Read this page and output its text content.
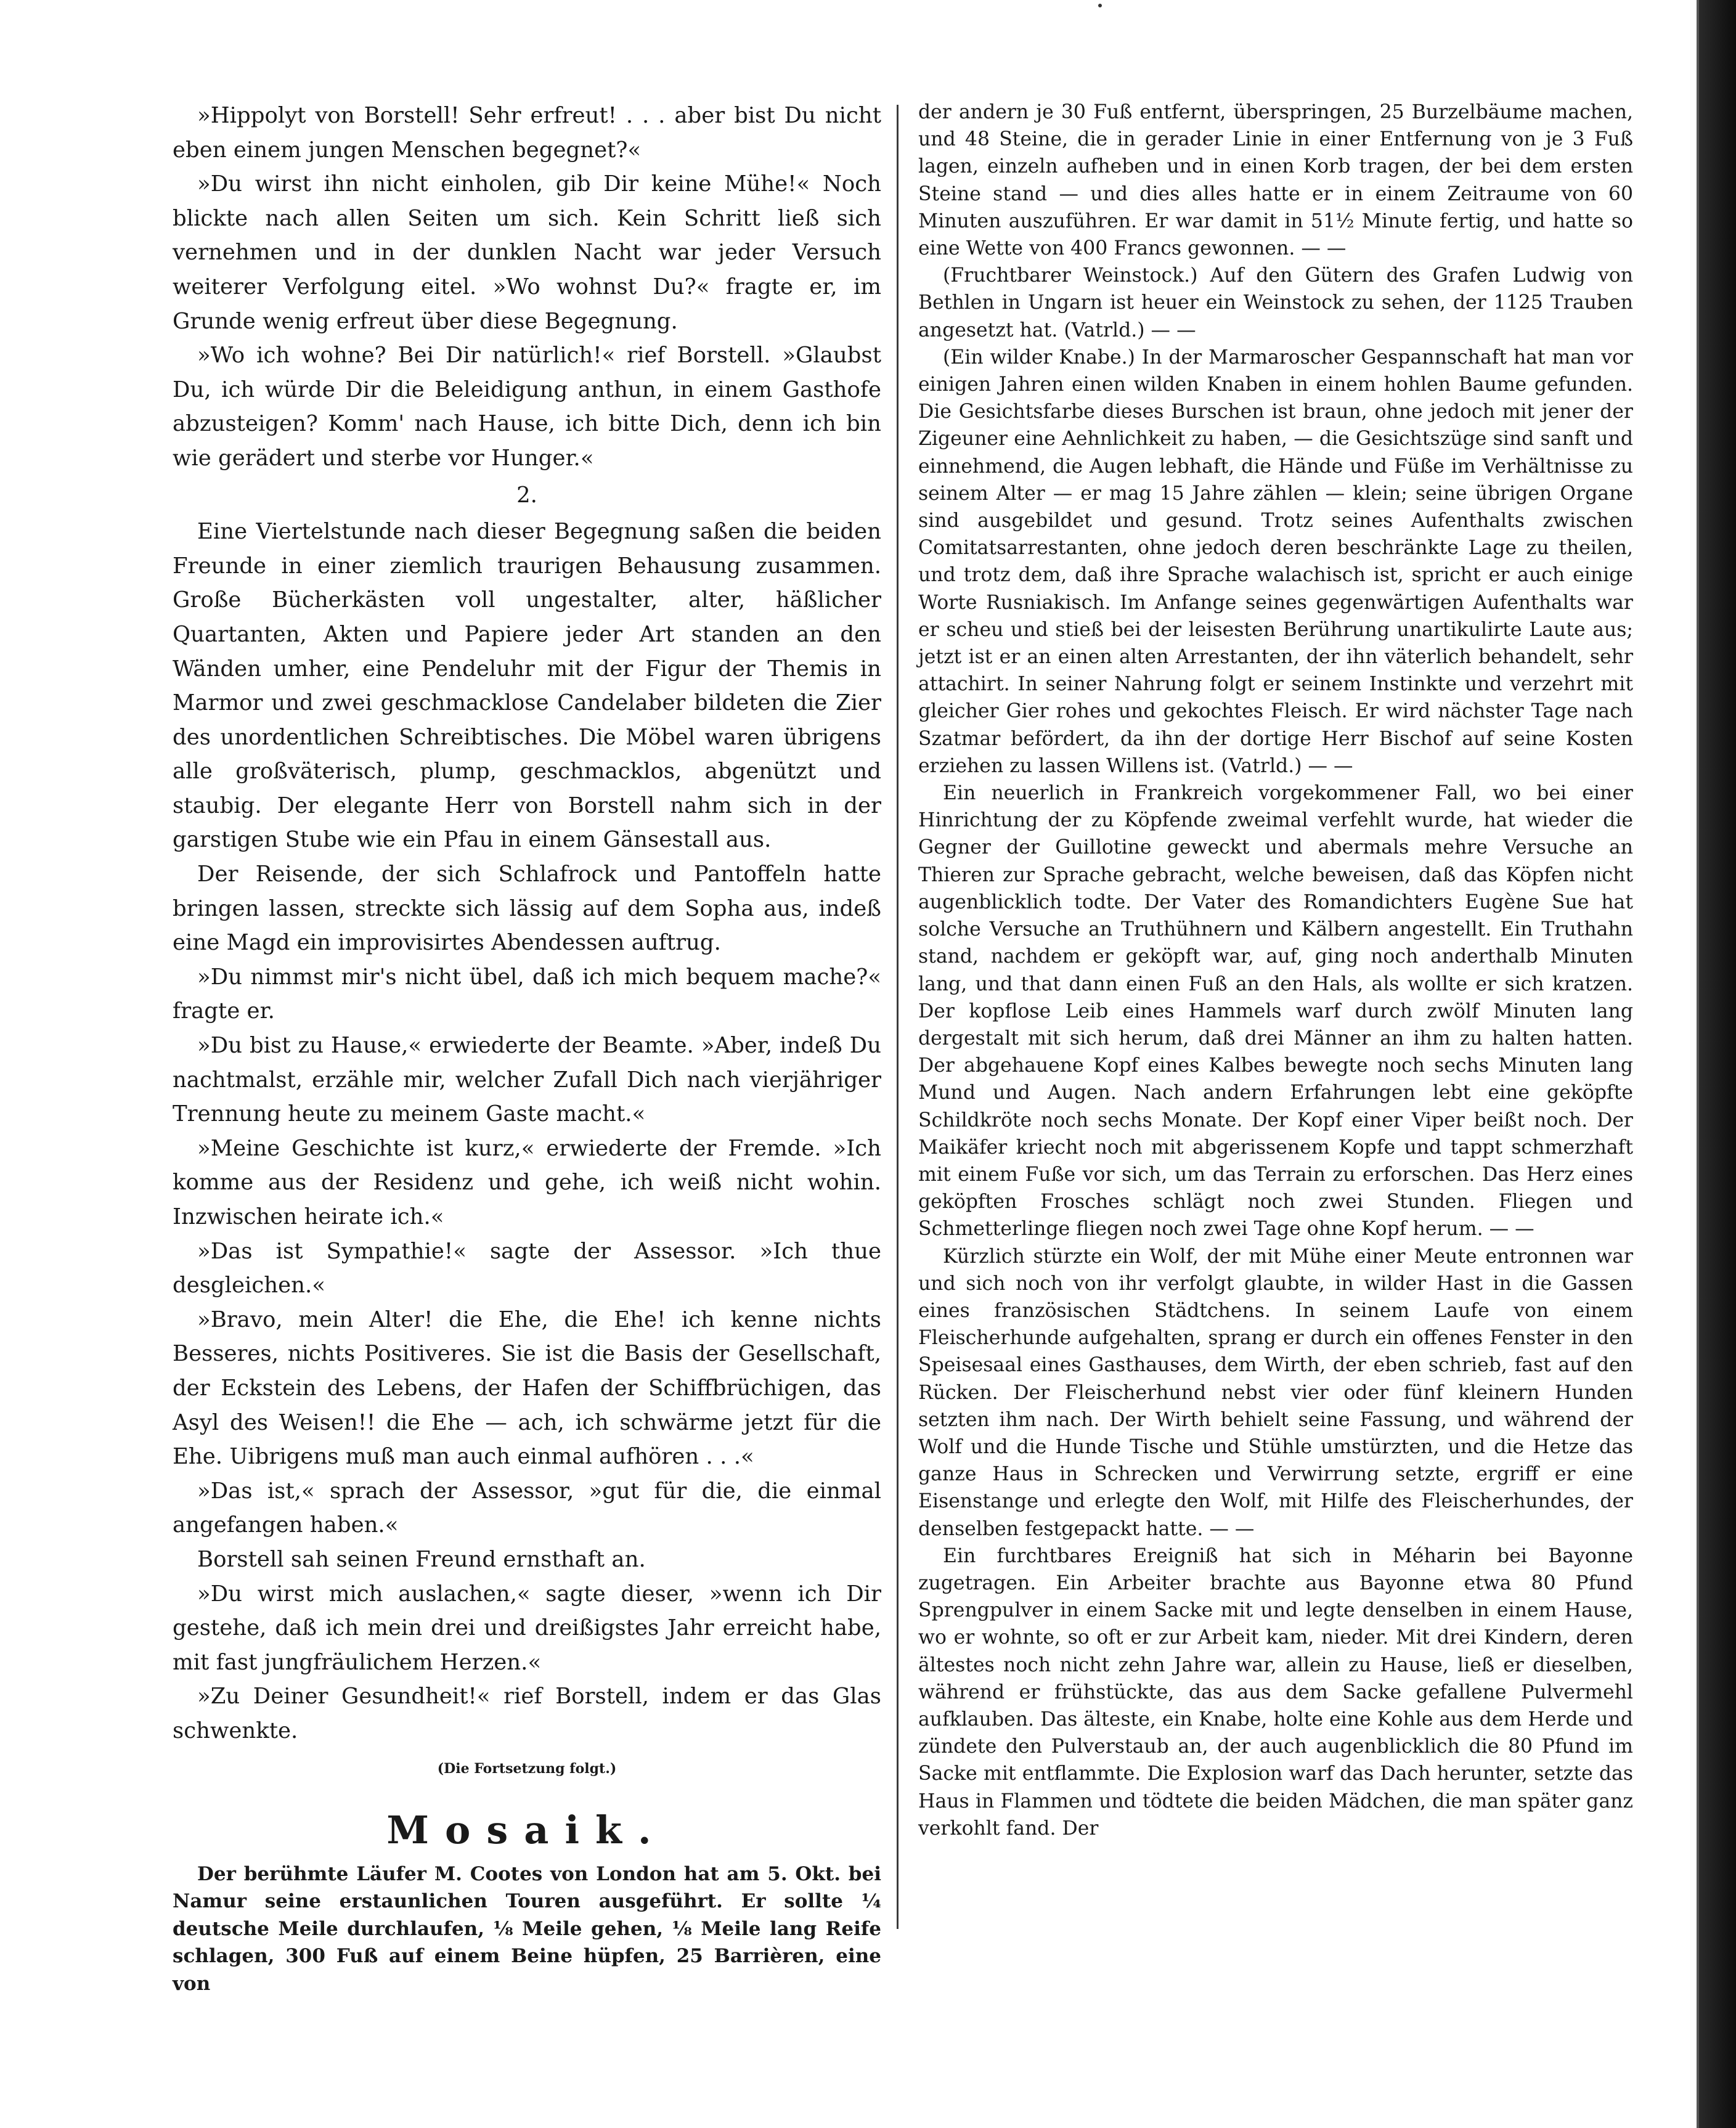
»Hippolyt von Borstell! Sehr erfreut! . . . aber bist Du nicht eben einem jungen Menschen begegnet?«

»Du wirst ihn nicht einholen, gib Dir keine Mühe!« Noch blickte nach allen Seiten um sich. Kein Schritt ließ sich vernehmen und in der dunklen Nacht war jeder Versuch weiterer Verfolgung eitel. »Wo wohnst Du?« fragte er, im Grunde wenig erfreut über diese Begegnung.

»Wo ich wohne? Bei Dir natürlich!« rief Borstell. »Glaubst Du, ich würde Dir die Beleidigung anthun, in einem Gasthofe abzusteigen? Komm' nach Hause, ich bitte Dich, denn ich bin wie gerädert und sterbe vor Hunger.«

2.

Eine Viertelstunde nach dieser Begegnung saßen die beiden Freunde in einer ziemlich traurigen Behausung zusammen. Große Bücherkästen voll ungestalter, alter, häßlicher Quartanten, Akten und Papiere jeder Art standen an den Wänden umher, eine Pendeluhr mit der Figur der Themis in Marmor und zwei geschmacklose Candelaber bildeten die Zier des unordentlichen Schreibtisches. Die Möbel waren übrigens alle großväterisch, plump, geschmacklos, abgenützt und staubig. Der elegante Herr von Borstell nahm sich in der garstigen Stube wie ein Pfau in einem Gänsestall aus.

Der Reisende, der sich Schlafrock und Pantoffeln hatte bringen lassen, streckte sich lässig auf dem Sopha aus, indeß eine Magd ein improvisirtes Abendessen auftrug.

»Du nimmst mir's nicht übel, daß ich mich bequem mache?« fragte er.

»Du bist zu Hause,« erwiederte der Beamte. »Aber, indeß Du nachtmalst, erzähle mir, welcher Zufall Dich nach vierjähriger Trennung heute zu meinem Gaste macht.«

»Meine Geschichte ist kurz,« erwiederte der Fremde. »Ich komme aus der Residenz und gehe, ich weiß nicht wohin. Inzwischen heirate ich.«

»Das ist Sympathie!« sagte der Assessor. »Ich thue desgleichen.«

»Bravo, mein Alter! die Ehe, die Ehe! ich kenne nichts Besseres, nichts Positiveres. Sie ist die Basis der Gesellschaft, der Eckstein des Lebens, der Hafen der Schiffbrüchigen, das Asyl des Weisen!! die Ehe — ach, ich schwärme jetzt für die Ehe. Uibrigens muß man auch einmal aufhören . . .«

»Das ist,« sprach der Assessor, »gut für die, die einmal angefangen haben.«

Borstell sah seinen Freund ernsthaft an.

»Du wirst mich auslachen,« sagte dieser, »wenn ich Dir gestehe, daß ich mein drei und dreißigstes Jahr erreicht habe, mit fast jungfräulichem Herzen.«

»Zu Deiner Gesundheit!« rief Borstell, indem er das Glas schwenkte.

(Die Fortsetzung folgt.)

Mosaik.

Der berühmte Läufer M. Cootes von London hat am 5. Okt. bei Namur seine erstaunlichen Touren ausgeführt. Er sollte ¼ deutsche Meile durchlaufen, ⅛ Meile gehen, ⅛ Meile lang Reife schlagen, 300 Fuß auf einem Beine hüpfen, 25 Barrièren, eine von

der andern je 30 Fuß entfernt, überspringen, 25 Burzelbäume machen, und 48 Steine, die in gerader Linie in einer Entfernung von je 3 Fuß lagen, einzeln aufheben und in einen Korb tragen, der bei dem ersten Steine stand — und dies alles hatte er in einem Zeitraume von 60 Minuten auszuführen. Er war damit in 51½ Minute fertig, und hatte so eine Wette von 400 Francs gewonnen. — —

(Fruchtbarer Weinstock.) Auf den Gütern des Grafen Ludwig von Bethlen in Ungarn ist heuer ein Weinstock zu sehen, der 1125 Trauben angesetzt hat. (Vatrld.) — —

(Ein wilder Knabe.) In der Marmaroscher Gespannschaft hat man vor einigen Jahren einen wilden Knaben in einem hohlen Baume gefunden. Die Gesichtsfarbe dieses Burschen ist braun, ohne jedoch mit jener der Zigeuner eine Aehnlichkeit zu haben, — die Gesichtszüge sind sanft und einnehmend, die Augen lebhaft, die Hände und Füße im Verhältnisse zu seinem Alter — er mag 15 Jahre zählen — klein; seine übrigen Organe sind ausgebildet und gesund. Trotz seines Aufenthalts zwischen Comitatsarrestanten, ohne jedoch deren beschränkte Lage zu theilen, und trotz dem, daß ihre Sprache walachisch ist, spricht er auch einige Worte Rusniakisch. Im Anfange seines gegenwärtigen Aufenthalts war er scheu und stieß bei der leisesten Berührung unartikulirte Laute aus; jetzt ist er an einen alten Arrestanten, der ihn väterlich behandelt, sehr attachirt. In seiner Nahrung folgt er seinem Instinkte und verzehrt mit gleicher Gier rohes und gekochtes Fleisch. Er wird nächster Tage nach Szatmar befördert, da ihn der dortige Herr Bischof auf seine Kosten erziehen zu lassen Willens ist. (Vatrld.) — —

Ein neuerlich in Frankreich vorgekommener Fall, wo bei einer Hinrichtung der zu Köpfende zweimal verfehlt wurde, hat wieder die Gegner der Guillotine geweckt und abermals mehre Versuche an Thieren zur Sprache gebracht, welche beweisen, daß das Köpfen nicht augenblicklich todte. Der Vater des Romandichters Eugène Sue hat solche Versuche an Truthühnern und Kälbern angestellt. Ein Truthahn stand, nachdem er geköpft war, auf, ging noch anderthalb Minuten lang, und that dann einen Fuß an den Hals, als wollte er sich kratzen. Der kopflose Leib eines Hammels warf durch zwölf Minuten lang dergestalt mit sich herum, daß drei Männer an ihm zu halten hatten. Der abgehauene Kopf eines Kalbes bewegte noch sechs Minuten lang Mund und Augen. Nach andern Erfahrungen lebt eine geköpfte Schildkröte noch sechs Monate. Der Kopf einer Viper beißt noch. Der Maikäfer kriecht noch mit abgerissenem Kopfe und tappt schmerzhaft mit einem Fuße vor sich, um das Terrain zu erforschen. Das Herz eines geköpften Frosches schlägt noch zwei Stunden. Fliegen und Schmetterlinge fliegen noch zwei Tage ohne Kopf herum. — —

Kürzlich stürzte ein Wolf, der mit Mühe einer Meute entronnen war und sich noch von ihr verfolgt glaubte, in wilder Hast in die Gassen eines französischen Städtchens. In seinem Laufe von einem Fleischerhunde aufgehalten, sprang er durch ein offenes Fenster in den Speisesaal eines Gasthauses, dem Wirth, der eben schrieb, fast auf den Rücken. Der Fleischerhund nebst vier oder fünf kleinern Hunden setzten ihm nach. Der Wirth behielt seine Fassung, und während der Wolf und die Hunde Tische und Stühle umstürzten, und die Hetze das ganze Haus in Schrecken und Verwirrung setzte, ergriff er eine Eisenstange und erlegte den Wolf, mit Hilfe des Fleischerhundes, der denselben festgepackt hatte. — —

Ein furchtbares Ereigniß hat sich in Méharin bei Bayonne zugetragen. Ein Arbeiter brachte aus Bayonne etwa 80 Pfund Sprengpulver in einem Sacke mit und legte denselben in einem Hause, wo er wohnte, so oft er zur Arbeit kam, nieder. Mit drei Kindern, deren ältestes noch nicht zehn Jahre war, allein zu Hause, ließ er dieselben, während er frühstückte, das aus dem Sacke gefallene Pulvermehl aufklauben. Das älteste, ein Knabe, holte eine Kohle aus dem Herde und zündete den Pulverstaub an, der auch augenblicklich die 80 Pfund im Sacke mit entflammte. Die Explosion warf das Dach herunter, setzte das Haus in Flammen und tödtete die beiden Mädchen, die man später ganz verkohlt fand. Der
